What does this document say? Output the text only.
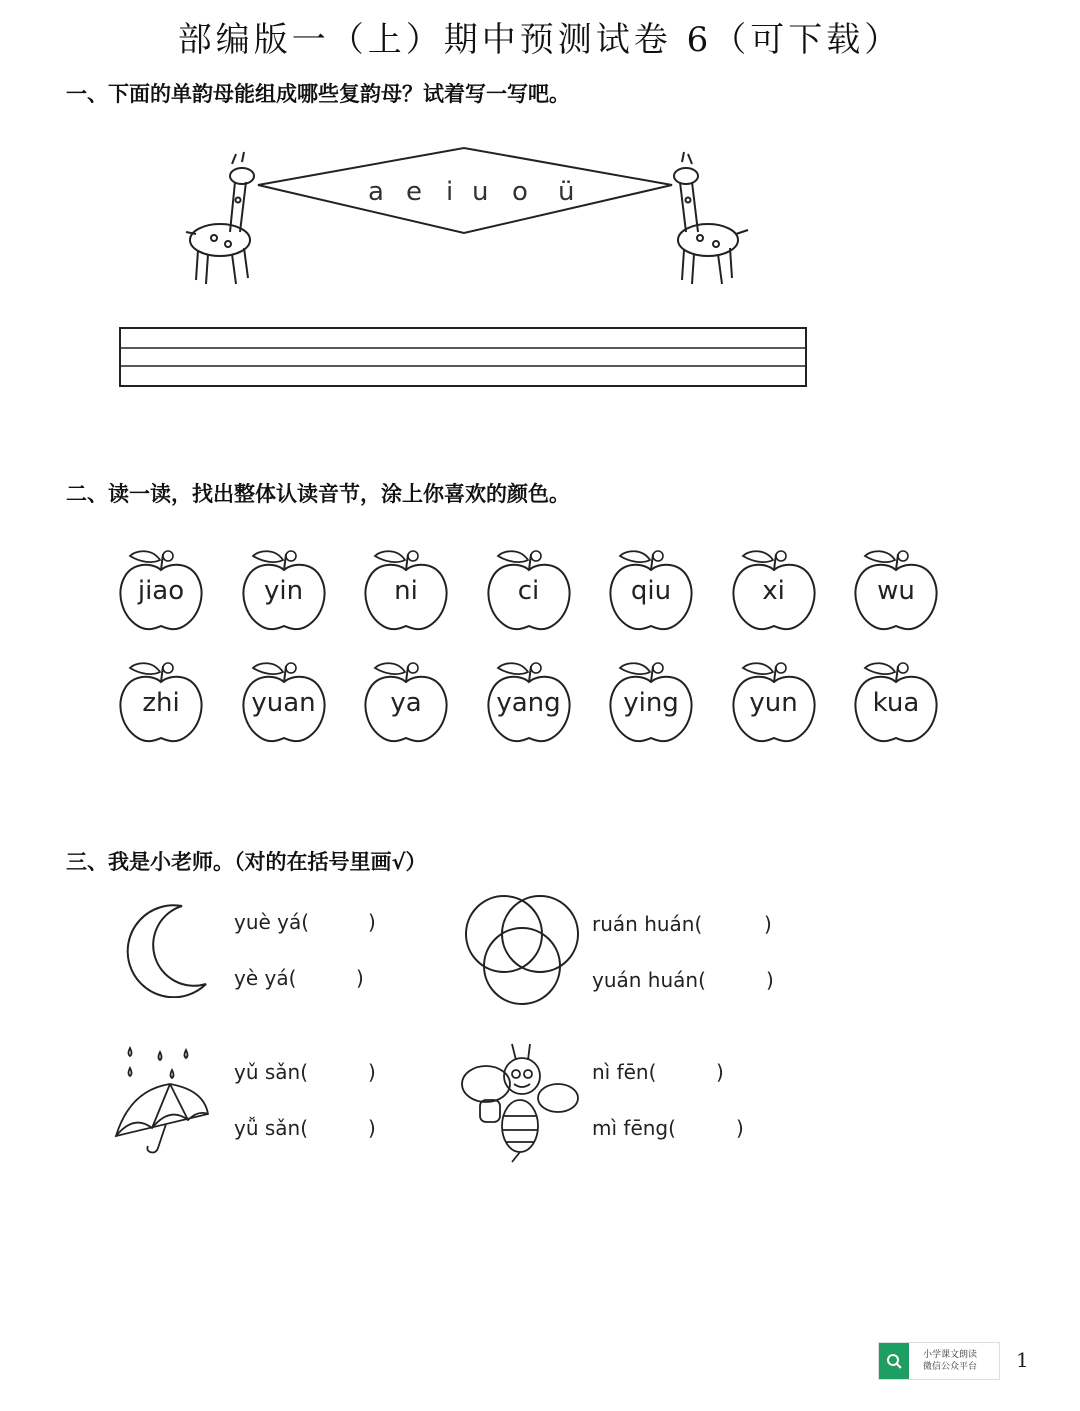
部编版一（上）期中预测试卷 6（可下载）
一、下面的单韵母能组成哪些复韵母？试着写一写吧。
a e i u o ü
二、读一读，找出整体认读音节，涂上你喜欢的颜色。
jiao	yin	ni	ci	qiu	xi	wu
zhi	yuan	ya	yang	ying	yun	kua
三、我是小老师。（对的在括号里画√）
yuè yá(	)
yè yá(	)
ruán huán(	)
yuán huán(	)
yǔ sǎn(	)
yǚ sǎn(	)
nì fēn(	)
mì fēng(	)
小学课文朗读
微信公众平台 1
